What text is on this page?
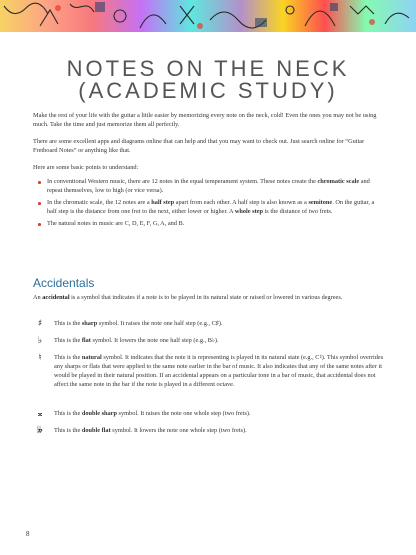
NOTES ON THE NECK
(ACADEMIC STUDY)

Make the rest of your life with the guitar a little easier by memorizing every note on the neck, cold! Even the ones you may not be using much. Take the time and just memorize them all perfectly.

There are some excellent apps and diagrams online that can help and that you may want to check out. Just search online for “Guitar Fretboard Notes” or anything like that.

Here are some basic points to understand:

In conventional Western music, there are 12 notes in the equal temperament system. These notes create the chromatic scale and repeat themselves, low to high (or vice versa).
In the chromatic scale, the 12 notes are a half step apart from each other. A half step is also known as a semitone. On the guitar, a half step is the distance from one fret to the next, either lower or higher. A whole step is the distance of two frets.
The natural notes in music are C, D, E, F, G, A, and B.
Accidentals

An accidental is a symbol that indicates if a note is to be played in its natural state or raised or lowered in various degrees.

♯	This is the sharp symbol. It raises the note one half step (e.g., C♯).
♭	This is the flat symbol. It lowers the note one half step (e.g., B♭).
♮	This is the natural symbol. It indicates that the note it is representing is played in its natural state (e.g., C♮). This symbol overrides any sharps or flats that were applied to the same note earlier in the bar of music. It also indicates that any of the same notes after it would be played in their natural position. If an accidental appears on a particular tone in a bar of music, that accidental does not affect the same note in the bar if the note is played in a different octave.
𝄪	This is the double sharp symbol. It raises the note one whole step (two frets).
𝄫	This is the double flat symbol. It lowers the note one whole step (two frets).
8
